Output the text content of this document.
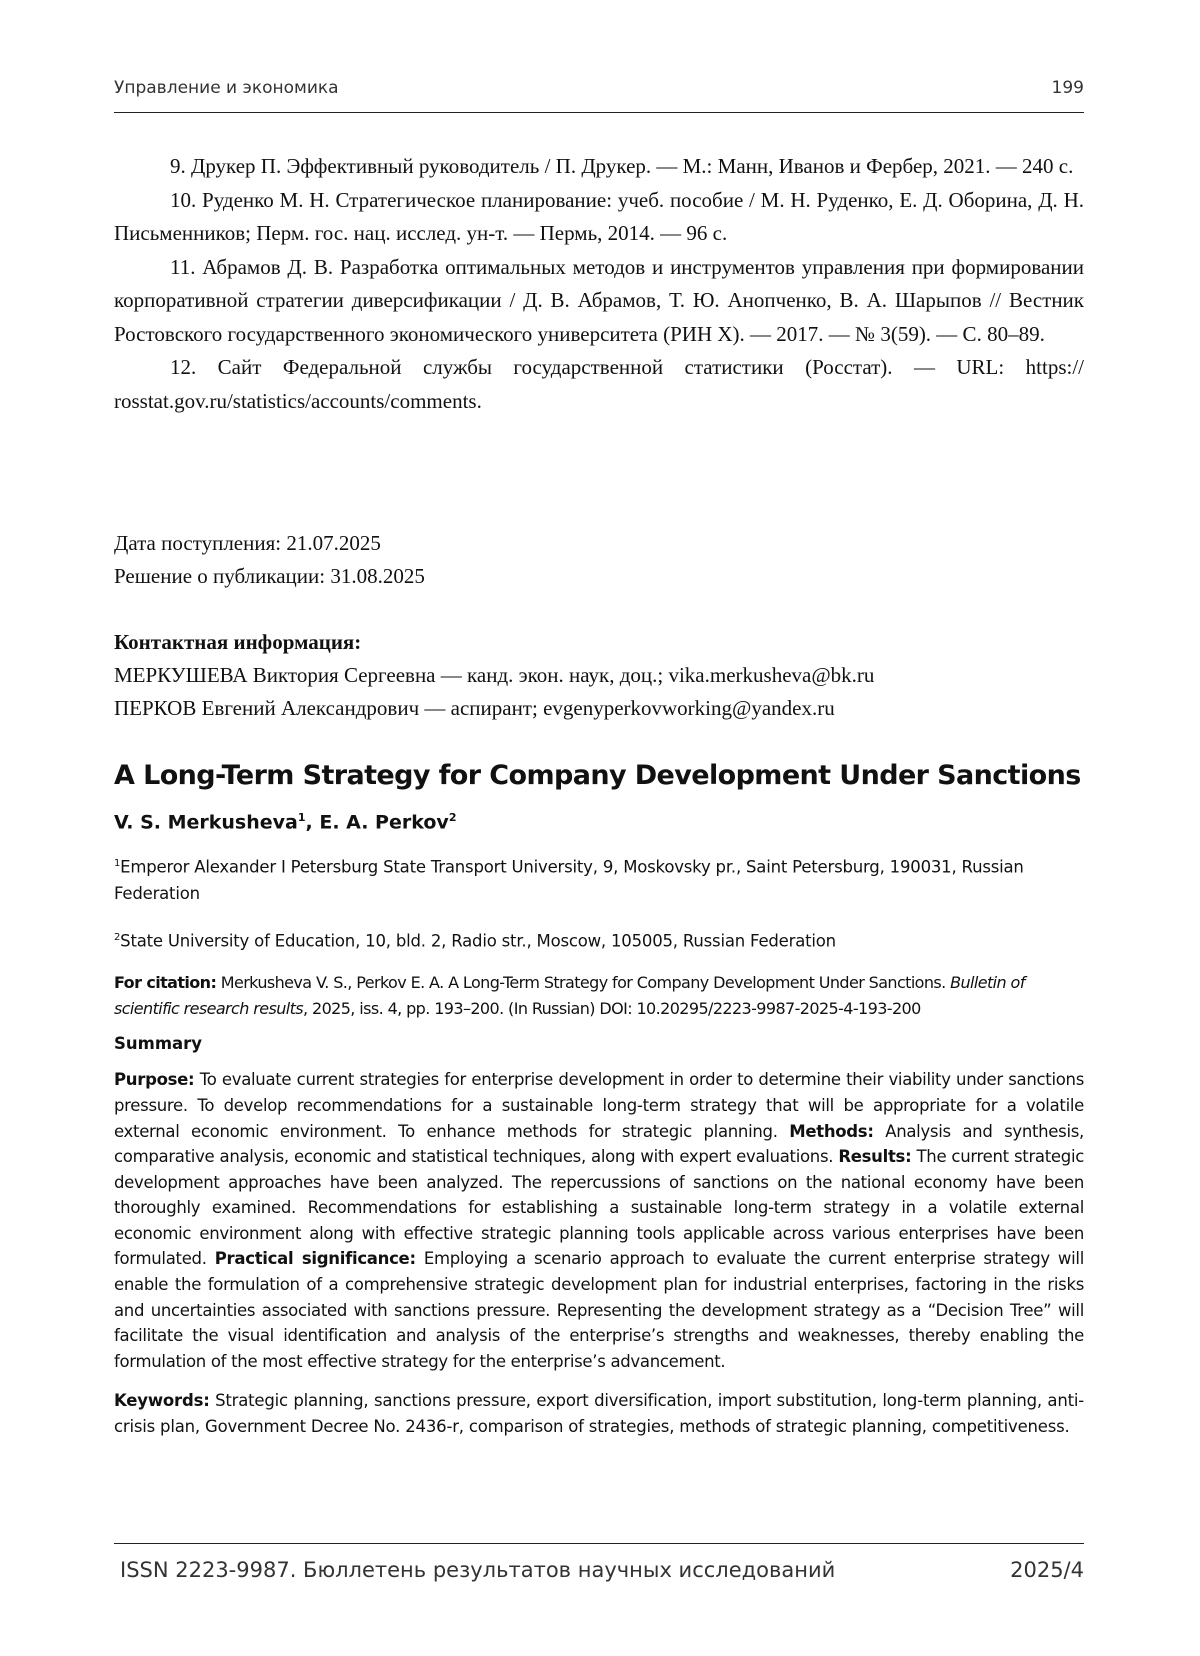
Управление и экономика	199

9. Друкер П. Эффективный руководитель / П. Друкер. — М.: Манн, Иванов и Фербер, 2021. — 240 с.

10. Руденко М. Н. Стратегическое планирование: учеб. пособие / М. Н. Руденко, Е. Д. Оборина, Д. Н. Письменников; Перм. гос. нац. исслед. ун-т. — Пермь, 2014. — 96 с.

11. Абрамов Д. В. Разработка оптимальных методов и инструментов управления при формировании корпоративной стратегии диверсификации / Д. В. Абрамов, Т. Ю. Анопченко, В. А. Шарыпов // Вестник Ростовского государственного экономического университета (РИН Х). — 2017. — № 3(59). — С. 80–89.

12. Сайт Федеральной службы государственной статистики (Росстат). — URL: https:// rosstat.gov.ru/statistics/accounts/comments.

Дата поступления: 21.07.2025

Решение о публикации: 31.08.2025

Контактная информация:

МЕРКУШЕВА Виктория Сергеевна — канд. экон. наук, доц.; vika.merkusheva@bk.ru

ПЕРКОВ Евгений Александрович — аспирант; evgenyperkovworking@yandex.ru

A Long-Term Strategy for Company Development Under Sanctions

V. S. Merkusheva$^1$, E. A. Perkov$^2$

$^1$Emperor Alexander I Petersburg State Transport University, 9, Moskovsky pr., Saint Petersburg, 190031, Russian Federation

$^2$State University of Education, 10, bld. 2, Radio str., Moscow, 105005, Russian Federation

For citation: Merkusheva V. S., Perkov E. A. A Long-Term Strategy for Company Development Under Sanctions. Bulletin of scientific research results, 2025, iss. 4, pp. 193–200. (In Russian) DOI: 10.20295/2223-9987-2025-4-193-200

Summary

Purpose: To evaluate current strategies for enterprise development in order to determine their viability under sanctions pressure. To develop recommendations for a sustainable long-term strategy that will be appropriate for a volatile external economic environment. To enhance methods for strategic planning. Methods: Analysis and synthesis, comparative analysis, economic and statistical techniques, along with expert evaluations. Results: The current strategic development approaches have been analyzed. The repercussions of sanctions on the national economy have been thoroughly examined. Recommendations for establishing a sustainable long-term strategy in a volatile external economic environment along with effective strategic planning tools applicable across various enterprises have been formulated. Practical significance: Employing a scenario approach to evaluate the current enterprise strategy will enable the formulation of a comprehensive strategic development plan for industrial enterprises, factoring in the risks and uncertainties associated with sanctions pressure. Representing the development strategy as a “Decision Tree” will facilitate the visual identification and analysis of the enterprise’s strengths and weaknesses, thereby enabling the formulation of the most effective strategy for the enterprise’s advancement.

Keywords: Strategic planning, sanctions pressure, export diversification, import substitution, long-term planning, anti-crisis plan, Government Decree No. 2436-r, comparison of strategies, methods of strategic planning, competitiveness.

ISSN 2223-9987. Бюллетень результатов научных исследований	2025/4
